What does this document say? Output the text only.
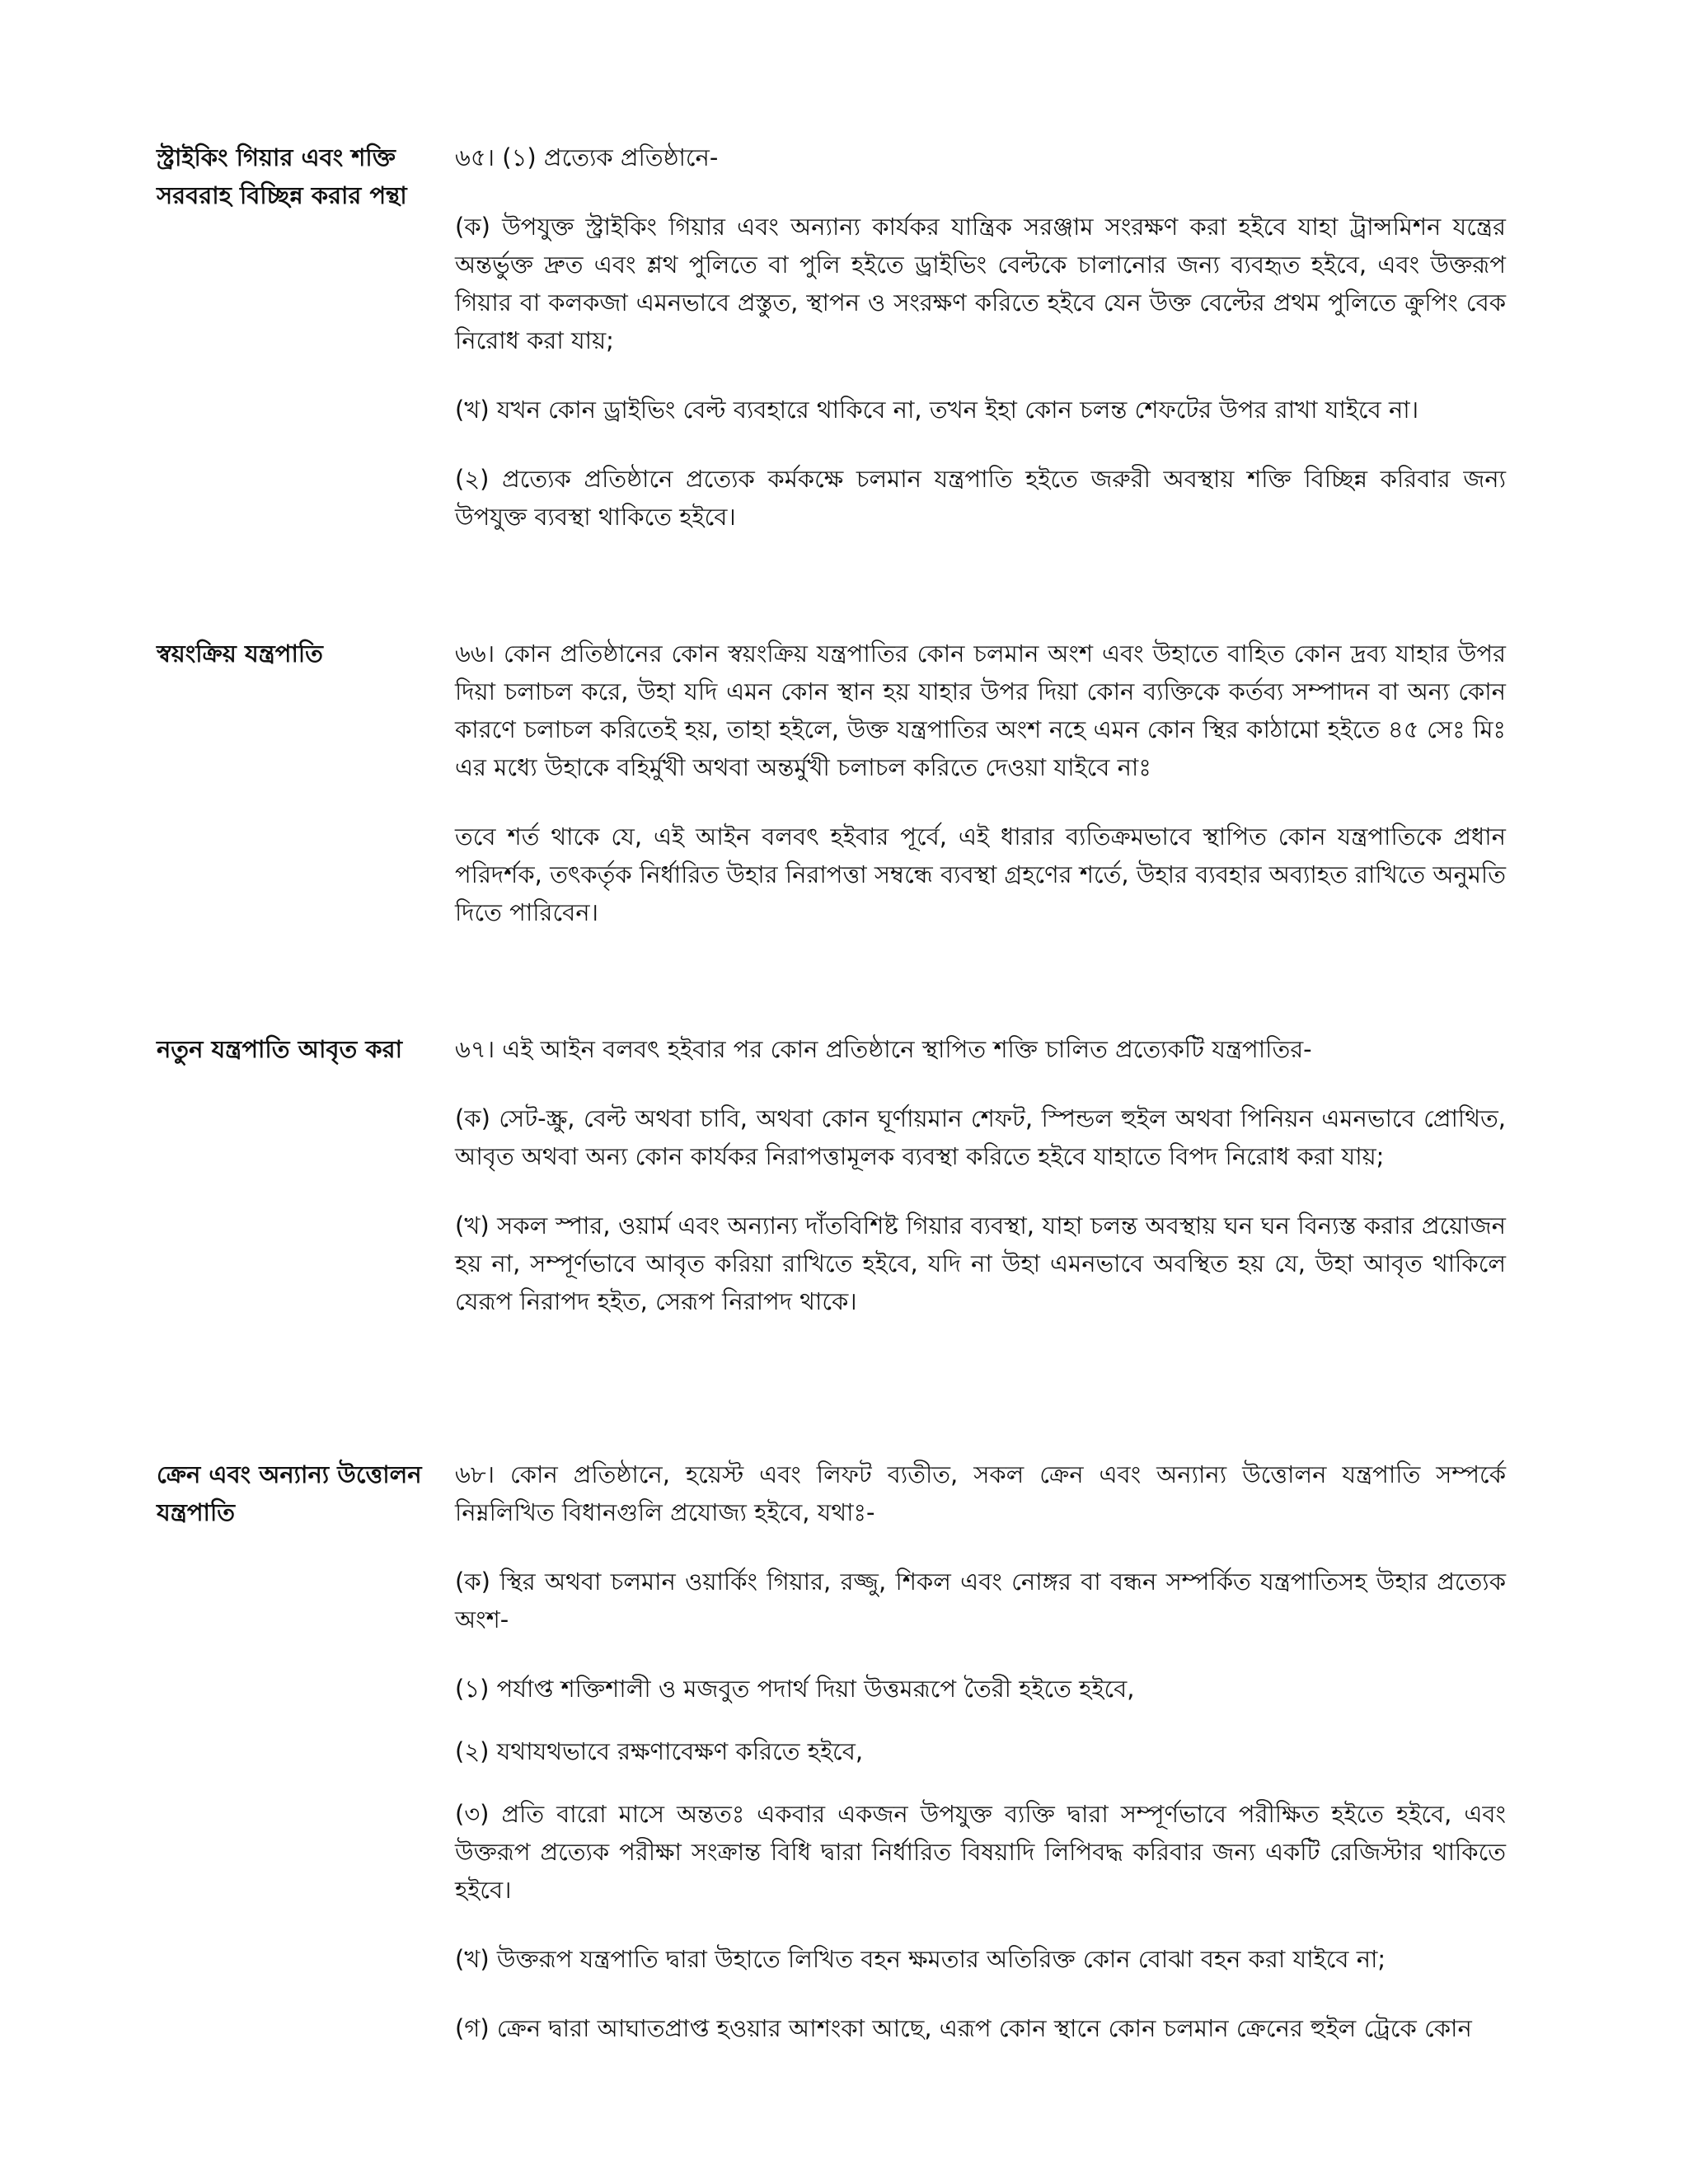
স্ট্রাইকিং গিয়ার এবং শক্তি সরবরাহ বিচ্ছিন্ন করার পন্থা

৬৫। (১) প্রত্যেক প্রতিষ্ঠানে-

(ক) উপযুক্ত স্ট্রাইকিং গিয়ার এবং অন্যান্য কার্যকর যান্ত্রিক সরঞ্জাম সংরক্ষণ করা হইবে যাহা ট্রান্সমিশন যন্ত্রের অন্তর্ভুক্ত দ্রুত এবং শ্লথ পুলিতে বা পুলি হইতে ড্রাইভিং বেল্টকে চালানোর জন্য ব্যবহৃত হইবে, এবং উক্তরূপ গিয়ার বা কলকজা এমনভাবে প্রস্তুত, স্থাপন ও সংরক্ষণ করিতে হইবে যেন উক্ত বেল্টের প্রথম পুলিতে ক্রুপিং বেক নিরোধ করা যায়;

(খ) যখন কোন ড্রাইভিং বেল্ট ব্যবহারে থাকিবে না, তখন ইহা কোন চলন্ত শেফটের উপর রাখা যাইবে না।

(২) প্রত্যেক প্রতিষ্ঠানে প্রত্যেক কর্মকক্ষে চলমান যন্ত্রপাতি হইতে জরুরী অবস্থায় শক্তি বিচ্ছিন্ন করিবার জন্য উপযুক্ত ব্যবস্থা থাকিতে হইবে।

স্বয়ংক্রিয় যন্ত্রপাতি	৬৬। কোন প্রতিষ্ঠানের কোন স্বয়ংক্রিয় যন্ত্রপাতির কোন চলমান অংশ এবং উহাতে বাহিত কোন দ্রব্য যাহার উপর দিয়া চলাচল করে, উহা যদি এমন কোন স্থান হয় যাহার উপর দিয়া কোন ব্যক্তিকে কর্তব্য সম্পাদন বা অন্য কোন কারণে চলাচল করিতেই হয়, তাহা হইলে, উক্ত যন্ত্রপাতির অংশ নহে এমন কোন স্থির কাঠামো হইতে ৪৫ সেঃ মিঃ এর মধ্যে উহাকে বহির্মুখী অথবা অন্তর্মুখী চলাচল করিতে দেওয়া যাইবে নাঃ

তবে শর্ত থাকে যে, এই আইন বলবৎ হইবার পূর্বে, এই ধারার ব্যতিক্রমভাবে স্থাপিত কোন যন্ত্রপাতিকে প্রধান পরিদর্শক, তৎকর্তৃক নির্ধারিত উহার নিরাপত্তা সম্বন্ধে ব্যবস্থা গ্রহণের শর্তে, উহার ব্যবহার অব্যাহত রাখিতে অনুমতি দিতে পারিবেন।

নতুন যন্ত্রপাতি আবৃত করা	৬৭। এই আইন বলবৎ হইবার পর কোন প্রতিষ্ঠানে স্থাপিত শক্তি চালিত প্রত্যেকটি যন্ত্রপাতির-

(ক) সেট-স্ক্রু, বেল্ট অথবা চাবি, অথবা কোন ঘূর্ণায়মান শেফট, স্পিন্ডল হুইল অথবা পিনিয়ন এমনভাবে প্রোথিত, আবৃত অথবা অন্য কোন কার্যকর নিরাপত্তামূলক ব্যবস্থা করিতে হইবে যাহাতে বিপদ নিরোধ করা যায়;

(খ) সকল স্পার, ওয়ার্ম এবং অন্যান্য দাঁতবিশিষ্ট গিয়ার ব্যবস্থা, যাহা চলন্ত অবস্থায় ঘন ঘন বিন্যস্ত করার প্রয়োজন হয় না, সম্পূর্ণভাবে আবৃত করিয়া রাখিতে হইবে, যদি না উহা এমনভাবে অবস্থিত হয় যে, উহা আবৃত থাকিলে যেরূপ নিরাপদ হইত, সেরূপ নিরাপদ থাকে।

ক্রেন এবং অন্যান্য উত্তোলন যন্ত্রপাতি

৬৮। কোন প্রতিষ্ঠানে, হয়েস্ট এবং লিফট ব্যতীত, সকল ক্রেন এবং অন্যান্য উত্তোলন যন্ত্রপাতি সম্পর্কে নিম্নলিখিত বিধানগুলি প্রযোজ্য হইবে, যথাঃ-

(ক) স্থির অথবা চলমান ওয়ার্কিং গিয়ার, রজ্জু, শিকল এবং নোঙ্গর বা বন্ধন সম্পর্কিত যন্ত্রপাতিসহ উহার প্রত্যেক অংশ-

(১) পর্যাপ্ত শক্তিশালী ও মজবুত পদার্থ দিয়া উত্তমরূপে তৈরী হইতে হইবে,

(২) যথাযথভাবে রক্ষণাবেক্ষণ করিতে হইবে,

(৩) প্রতি বারো মাসে অন্ততঃ একবার একজন উপযুক্ত ব্যক্তি দ্বারা সম্পূর্ণভাবে পরীক্ষিত হইতে হইবে, এবং উক্তরূপ প্রত্যেক পরীক্ষা সংক্রান্ত বিধি দ্বারা নির্ধারিত বিষয়াদি লিপিবদ্ধ করিবার জন্য একটি রেজিস্টার থাকিতে হইবে।

(খ) উক্তরূপ যন্ত্রপাতি দ্বারা উহাতে লিখিত বহন ক্ষমতার অতিরিক্ত কোন বোঝা বহন করা যাইবে না;

(গ) ক্রেন দ্বারা আঘাতপ্রাপ্ত হওয়ার আশংকা আছে, এরূপ কোন স্থানে কোন চলমান ক্রেনের হুইল ট্রেকে কোন
